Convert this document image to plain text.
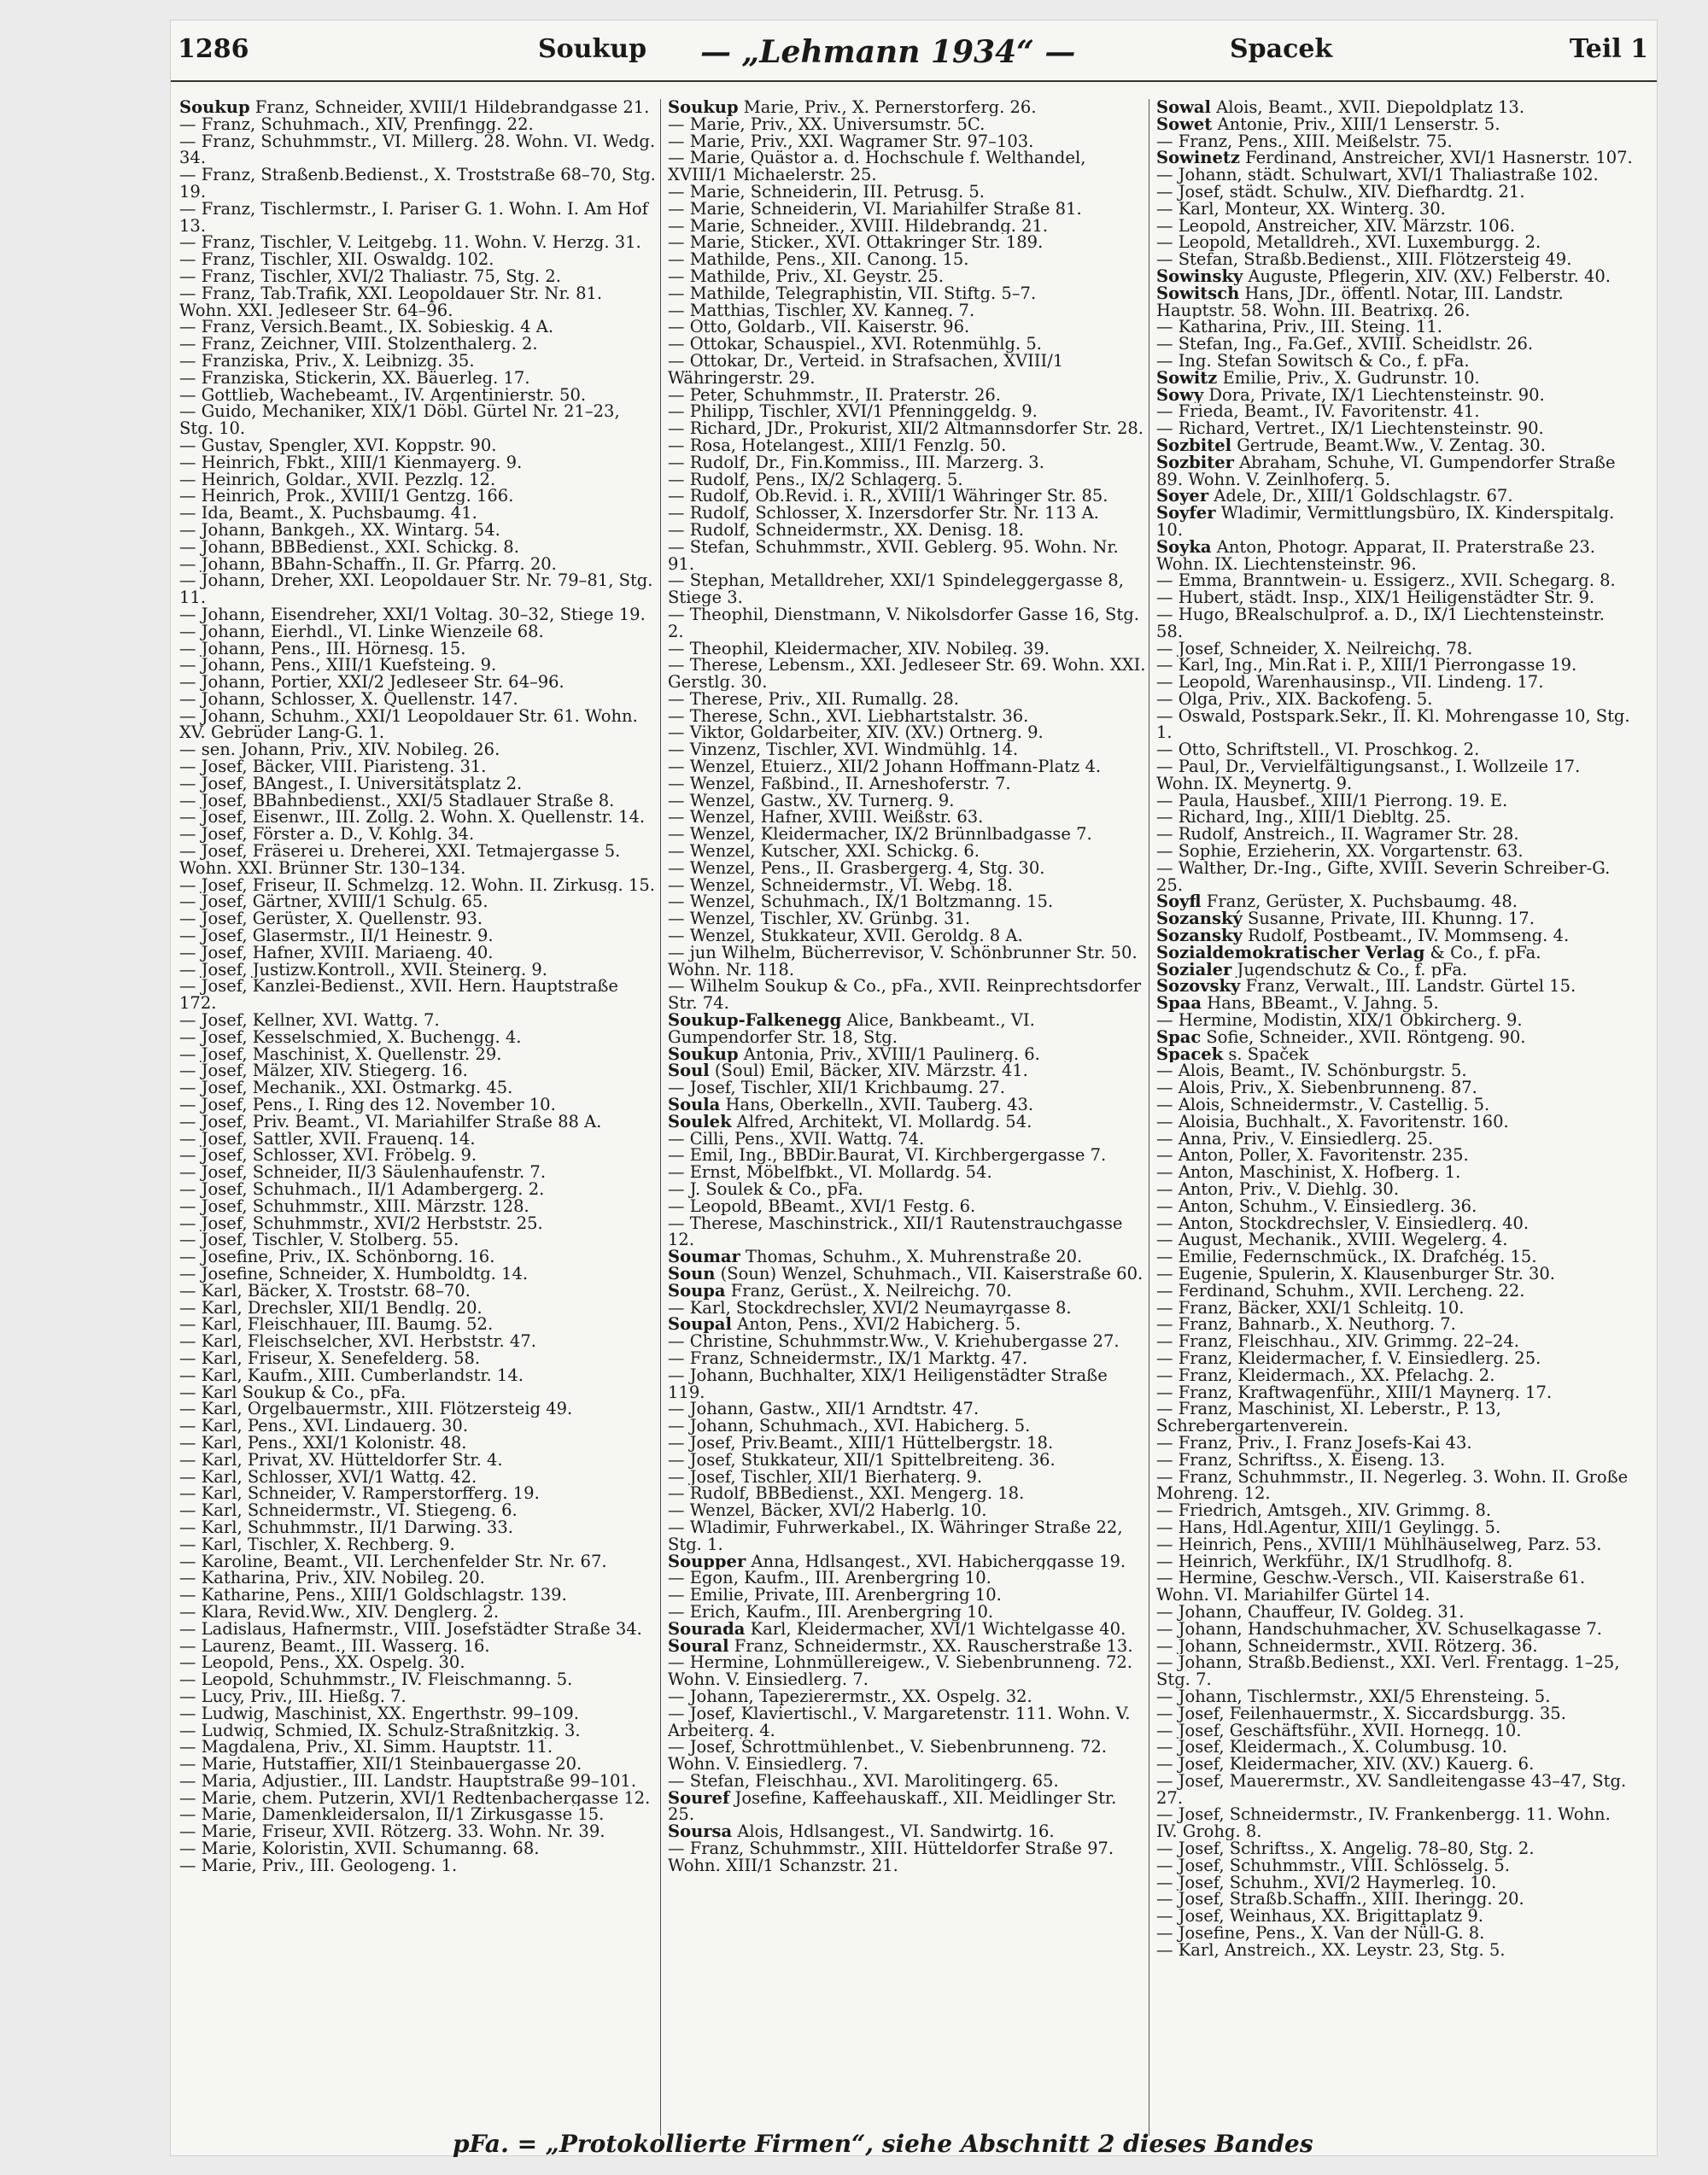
1286	Soukup — „Lehmann 1934“ —	Spacek	Teil 1
Soukup Franz, Schneider, XVIII/1 Hildebrandgasse 21.
— Franz, Schuhmach., XIV, Prenfingg. 22.
— Franz, Schuhmmstr., VI. Millerg. 28. Wohn. VI. Wedg. 34.
— Franz, Straßenb.Bedienst., X. Troststraße 68–70, Stg. 19.
— Franz, Tischlermstr., I. Pariser G. 1. Wohn. I. Am Hof 13.
— Franz, Tischler, V. Leitgebg. 11. Wohn. V. Herzg. 31.
— Franz, Tischler, XII. Oswaldg. 102.
— Franz, Tischler, XVI/2 Thaliastr. 75, Stg. 2.
— Franz, Tab.Trafik, XXI. Leopoldauer Str. Nr. 81. Wohn. XXI. Jedleseer Str. 64–96.
— Franz, Versich.Beamt., IX. Sobieskig. 4 A.
— Franz, Zeichner, VIII. Stolzenthalerg. 2.
— Franziska, Priv., X. Leibnizg. 35.
— Franziska, Stickerin, XX. Bäuerleg. 17.
— Gottlieb, Wachebeamt., IV. Argentinierstr. 50.
— Guido, Mechaniker, XIX/1 Döbl. Gürtel Nr. 21–23, Stg. 10.
— Gustav, Spengler, XVI. Koppstr. 90.
— Heinrich, Fbkt., XIII/1 Kienmayerg. 9.
— Heinrich, Goldar., XVII. Pezzlg. 12.
— Heinrich, Prok., XVIII/1 Gentzg. 166.
— Ida, Beamt., X. Puchsbaumg. 41.
— Johann, Bankgeh., XX. Wintarg. 54.
— Johann, BBBedienst., XXI. Schickg. 8.
— Johann, BBahn-Schaffn., II. Gr. Pfarrg. 20.
— Johann, Dreher, XXI. Leopoldauer Str. Nr. 79–81, Stg. 11.
— Johann, Eisendreher, XXI/1 Voltag. 30–32, Stiege 19.
— Johann, Eierhdl., VI. Linke Wienzeile 68.
— Johann, Pens., III. Hörnesg. 15.
— Johann, Pens., XIII/1 Kuefsteing. 9.
— Johann, Portier, XXI/2 Jedleseer Str. 64–96.
— Johann, Schlosser, X. Quellenstr. 147.
— Johann, Schuhm., XXI/1 Leopoldauer Str. 61. Wohn. XV. Gebrüder Lang-G. 1.
— sen. Johann, Priv., XIV. Nobileg. 26.
— Josef, Bäcker, VIII. Piaristeng. 31.
— Josef, BAngest., I. Universitätsplatz 2.
— Josef, BBahnbedienst., XXI/5 Stadlauer Straße 8.
— Josef, Eisenwr., III. Zollg. 2. Wohn. X. Quellenstr. 14.
— Josef, Förster a. D., V. Kohlg. 34.
— Josef, Fräserei u. Dreherei, XXI. Tetmajergasse 5. Wohn. XXI. Brünner Str. 130–134.
— Josef, Friseur, II. Schmelzg. 12. Wohn. II. Zirkusg. 15.
— Josef, Gärtner, XVIII/1 Schulg. 65.
— Josef, Gerüster, X. Quellenstr. 93.
— Josef, Glasermstr., II/1 Heinestr. 9.
— Josef, Hafner, XVIII. Mariaeng. 40.
— Josef, Justizw.Kontroll., XVII. Steinerg. 9.
— Josef, Kanzlei-Bedienst., XVII. Hern. Hauptstraße 172.
— Josef, Kellner, XVI. Wattg. 7.
— Josef, Kesselschmied, X. Buchengg. 4.
— Josef, Maschinist, X. Quellenstr. 29.
— Josef, Mälzer, XIV. Stiegerg. 16.
— Josef, Mechanik., XXI. Ostmarkg. 45.
— Josef, Pens., I. Ring des 12. November 10.
— Josef, Priv. Beamt., VI. Mariahilfer Straße 88 A.
— Josef, Sattler, XVII. Frauenq. 14.
— Josef, Schlosser, XVI. Fröbelg. 9.
— Josef, Schneider, II/3 Säulenhaufenstr. 7.
— Josef, Schuhmach., II/1 Adambergerg. 2.
— Josef, Schuhmmstr., XIII. Märzstr. 128.
— Josef, Schuhmmstr., XVI/2 Herbststr. 25.
— Josef, Tischler, V. Stolberg. 55.
— Josefine, Priv., IX. Schönborng. 16.
— Josefine, Schneider, X. Humboldtg. 14.
— Karl, Bäcker, X. Troststr. 68–70.
— Karl, Drechsler, XII/1 Bendlg. 20.
— Karl, Fleischhauer, III. Baumg. 52.
— Karl, Fleischselcher, XVI. Herbststr. 47.
— Karl, Friseur, X. Senefelderg. 58.
— Karl, Kaufm., XIII. Cumberlandstr. 14.
— Karl Soukup & Co., pFa.
— Karl, Orgelbauermstr., XIII. Flötzersteig 49.
— Karl, Pens., XVI. Lindauerg. 30.
— Karl, Pens., XXI/1 Kolonistr. 48.
— Karl, Privat, XV. Hütteldorfer Str. 4.
— Karl, Schlosser, XVI/1 Wattg. 42.
— Karl, Schneider, V. Ramperstorfferg. 19.
— Karl, Schneidermstr., VI. Stiegeng. 6.
— Karl, Schuhmmstr., II/1 Darwing. 33.
— Karl, Tischler, X. Rechberg. 9.
— Karoline, Beamt., VII. Lerchenfelder Str. Nr. 67.
— Katharina, Priv., XIV. Nobileg. 20.
— Katharine, Pens., XIII/1 Goldschlagstr. 139.
— Klara, Revid.Ww., XIV. Denglerg. 2.
— Ladislaus, Hafnermstr., VIII. Josefstädter Straße 34.
— Laurenz, Beamt., III. Wasserg. 16.
— Leopold, Pens., XX. Ospelg. 30.
— Leopold, Schuhmmstr., IV. Fleischmanng. 5.
— Lucy, Priv., III. Hießg. 7.
— Ludwig, Maschinist, XX. Engerthstr. 99–109.
— Ludwig, Schmied, IX. Schulz-Straßnitzkig. 3.
— Magdalena, Priv., XI. Simm. Hauptstr. 11.
— Marie, Hutstaffier, XII/1 Steinbauergasse 20.
— Maria, Adjustier., III. Landstr. Hauptstraße 99–101.
— Marie, chem. Putzerin, XVI/1 Redtenbachergasse 12.
— Marie, Damenkleidersalon, II/1 Zirkusgasse 15.
— Marie, Friseur, XVII. Rötzerg. 33. Wohn. Nr. 39.
— Marie, Koloristin, XVII. Schumanng. 68.
— Marie, Priv., III. Geologeng. 1.
Soukup Marie, Priv., X. Pernerstorferg. 26.
— Marie, Priv., XX. Universumstr. 5C.
— Marie, Priv., XXI. Wagramer Str. 97–103.
— Marie, Quästor a. d. Hochschule f. Welthandel, XVIII/1 Michaelerstr. 25.
— Marie, Schneiderin, III. Petrusg. 5.
— Marie, Schneiderin, VI. Mariahilfer Straße 81.
— Marie, Schneider., XVIII. Hildebrandg. 21.
— Marie, Sticker., XVI. Ottakringer Str. 189.
— Mathilde, Pens., XII. Canong. 15.
— Mathilde, Priv., XI. Geystr. 25.
— Mathilde, Telegraphistin, VII. Stiftg. 5–7.
— Matthias, Tischler, XV. Kanneg. 7.
— Otto, Goldarb., VII. Kaiserstr. 96.
— Ottokar, Schauspiel., XVI. Rotenmühlg. 5.
— Ottokar, Dr., Verteid. in Strafsachen, XVIII/1 Währingerstr. 29.
— Peter, Schuhmmstr., II. Praterstr. 26.
— Philipp, Tischler, XVI/1 Pfenninggeldg. 9.
— Richard, JDr., Prokurist, XII/2 Altmannsdorfer Str. 28.
— Rosa, Hotelangest., XIII/1 Fenzlg. 50.
— Rudolf, Dr., Fin.Kommiss., III. Marzerg. 3.
— Rudolf, Pens., IX/2 Schlagerg. 5.
— Rudolf, Ob.Revid. i. R., XVIII/1 Währinger Str. 85.
— Rudolf, Schlosser, X. Inzersdorfer Str. Nr. 113 A.
— Rudolf, Schneidermstr., XX. Denisg. 18.
— Stefan, Schuhmmstr., XVII. Geblerg. 95. Wohn. Nr. 91.
— Stephan, Metalldreher, XXI/1 Spindeleggergasse 8, Stiege 3.
— Theophil, Dienstmann, V. Nikolsdorfer Gasse 16, Stg. 2.
— Theophil, Kleidermacher, XIV. Nobileg. 39.
— Therese, Lebensm., XXI. Jedleseer Str. 69. Wohn. XXI. Gerstlg. 30.
— Therese, Priv., XII. Rumallg. 28.
— Therese, Schn., XVI. Liebhartstalstr. 36.
— Viktor, Goldarbeiter, XIV. (XV.) Ortnerg. 9.
— Vinzenz, Tischler, XVI. Windmühlg. 14.
— Wenzel, Etuierz., XII/2 Johann Hoffmann-Platz 4.
— Wenzel, Faßbind., II. Arneshoferstr. 7.
— Wenzel, Gastw., XV. Turnerg. 9.
— Wenzel, Hafner, XVIII. Weißstr. 63.
— Wenzel, Kleidermacher, IX/2 Brünnlbadgasse 7.
— Wenzel, Kutscher, XXI. Schickg. 6.
— Wenzel, Pens., II. Grasbergerg. 4, Stg. 30.
— Wenzel, Schneidermstr., VI. Webg. 18.
— Wenzel, Schuhmach., IX/1 Boltzmanng. 15.
— Wenzel, Tischler, XV. Grünbg. 31.
— Wenzel, Stukkateur, XVII. Geroldg. 8 A.
— jun Wilhelm, Bücherrevisor, V. Schönbrunner Str. 50. Wohn. Nr. 118.
— Wilhelm Soukup & Co., pFa., XVII. Reinprechtsdorfer Str. 74.
Soukup-Falkenegg Alice, Bankbeamt., VI. Gumpendorfer Str. 18, Stg.
Soukup Antonia, Priv., XVIII/1 Paulinerg. 6.
Soul (Soul) Emil, Bäcker, XIV. Märzstr. 41.
— Josef, Tischler, XII/1 Krichbaumg. 27.
Soula Hans, Oberkelln., XVII. Tauberg. 43.
Soulek Alfred, Architekt, VI. Mollardg. 54.
— Cilli, Pens., XVII. Wattg. 74.
— Emil, Ing., BBDir.Baurat, VI. Kirchbergergasse 7.
— Ernst, Möbelfbkt., VI. Mollardg. 54.
— J. Soulek & Co., pFa.
— Leopold, BBeamt., XVI/1 Festg. 6.
— Therese, Maschinstrick., XII/1 Rautenstrauchgasse 12.
Soumar Thomas, Schuhm., X. Muhrenstraße 20.
Soun (Soun) Wenzel, Schuhmach., VII. Kaiserstraße 60.
Soupa Franz, Gerüst., X. Neilreichg. 70.
— Karl, Stockdrechsler, XVI/2 Neumayrgasse 8.
Soupal Anton, Pens., XVI/2 Habicherg. 5.
— Christine, Schuhmmstr.Ww., V. Kriehubergasse 27.
— Franz, Schneidermstr., IX/1 Marktg. 47.
— Johann, Buchhalter, XIX/1 Heiligenstädter Straße 119.
— Johann, Gastw., XII/1 Arndtstr. 47.
— Johann, Schuhmach., XVI. Habicherg. 5.
— Josef, Priv.Beamt., XIII/1 Hüttelbergstr. 18.
— Josef, Stukkateur, XII/1 Spittelbreiteng. 36.
— Josef, Tischler, XII/1 Bierhaterg. 9.
— Rudolf, BBBedienst., XXI. Mengerg. 18.
— Wenzel, Bäcker, XVI/2 Haberlg. 10.
— Wladimir, Fuhrwerkabel., IX. Währinger Straße 22, Stg. 1.
Soupper Anna, Hdlsangest., XVI. Habicherggasse 19.
— Egon, Kaufm., III. Arenbergring 10.
— Emilie, Private, III. Arenbergring 10.
— Erich, Kaufm., III. Arenbergring 10.
Sourada Karl, Kleidermacher, XVI/1 Wichtelgasse 40.
Soural Franz, Schneidermstr., XX. Rauscherstraße 13.
— Hermine, Lohnmüllereigew., V. Siebenbrunneng. 72. Wohn. V. Einsiedlerg. 7.
— Johann, Tapezierermstr., XX. Ospelg. 32.
— Josef, Klaviertischl., V. Margaretenstr. 111. Wohn. V. Arbeiterg. 4.
— Josef, Schrottmühlenbet., V. Siebenbrunneng. 72. Wohn. V. Einsiedlerg. 7.
— Stefan, Fleischhau., XVI. Marolitingerg. 65.
Souref Josefine, Kaffeehauskaff., XII. Meidlinger Str. 25.
Soursa Alois, Hdlsangest., VI. Sandwirtg. 16.
— Franz, Schuhmmstr., XIII. Hütteldorfer Straße 97. Wohn. XIII/1 Schanzstr. 21.
Sowal Alois, Beamt., XVII. Diepoldplatz 13.
Sowet Antonie, Priv., XIII/1 Lenserstr. 5.
— Franz, Pens., XIII. Meißelstr. 75.
Sowinetz Ferdinand, Anstreicher, XVI/1 Hasnerstr. 107.
— Johann, städt. Schulwart, XVI/1 Thaliastraße 102.
— Josef, städt. Schulw., XIV. Diefhardtg. 21.
— Karl, Monteur, XX. Winterg. 30.
— Leopold, Anstreicher, XIV. Märzstr. 106.
— Leopold, Metalldreh., XVI. Luxemburgg. 2.
— Stefan, Straßb.Bedienst., XIII. Flötzersteig 49.
Sowinsky Auguste, Pflegerin, XIV. (XV.) Felberstr. 40.
Sowitsch Hans, JDr., öffentl. Notar, III. Landstr. Hauptstr. 58. Wohn. III. Beatrixg. 26.
— Katharina, Priv., III. Steing. 11.
— Stefan, Ing., Fa.Gef., XVIII. Scheidlstr. 26.
— Ing. Stefan Sowitsch & Co., f. pFa.
Sowitz Emilie, Priv., X. Gudrunstr. 10.
Sowy Dora, Private, IX/1 Liechtensteinstr. 90.
— Frieda, Beamt., IV. Favoritenstr. 41.
— Richard, Vertret., IX/1 Liechtensteinstr. 90.
Sozbitel Gertrude, Beamt.Ww., V. Zentag. 30.
Sozbiter Abraham, Schuhe, VI. Gumpendorfer Straße 89. Wohn. V. Zeinlhoferg. 5.
Soyer Adele, Dr., XIII/1 Goldschlagstr. 67.
Soyfer Wladimir, Vermittlungsbüro, IX. Kinderspitalg. 10.
Soyka Anton, Photogr. Apparat, II. Praterstraße 23. Wohn. IX. Liechtensteinstr. 96.
— Emma, Branntwein- u. Essigerz., XVII. Schegarg. 8.
— Hubert, städt. Insp., XIX/1 Heiligenstädter Str. 9.
— Hugo, BRealschulprof. a. D., IX/1 Liechtensteinstr. 58.
— Josef, Schneider, X. Neilreichg. 78.
— Karl, Ing., Min.Rat i. P., XIII/1 Pierrongasse 19.
— Leopold, Warenhausinsp., VII. Lindeng. 17.
— Olga, Priv., XIX. Backofeng. 5.
— Oswald, Postspark.Sekr., II. Kl. Mohrengasse 10, Stg. 1.
— Otto, Schriftstell., VI. Proschkog. 2.
— Paul, Dr., Vervielfältigungsanst., I. Wollzeile 17. Wohn. IX. Meynertg. 9.
— Paula, Hausbef., XIII/1 Pierrong. 19. E.
— Richard, Ing., XIII/1 Diebltg. 25.
— Rudolf, Anstreich., II. Wagramer Str. 28.
— Sophie, Erzieherin, XX. Vorgartenstr. 63.
— Walther, Dr.-Ing., Gifte, XVIII. Severin Schreiber-G. 25.
Soyfl Franz, Gerüster, X. Puchsbaumg. 48.
Sozanský Susanne, Private, III. Khunng. 17.
Sozansky Rudolf, Postbeamt., IV. Mommseng. 4.
Sozialdemokratischer Verlag & Co., f. pFa.
Sozialer Jugendschutz & Co., f. pFa.
Sozovsky Franz, Verwalt., III. Landstr. Gürtel 15.
Spaa Hans, BBeamt., V. Jahng. 5.
— Hermine, Modistin, XIX/1 Obkircherg. 9.
Spac Sofie, Schneider., XVII. Röntgeng. 90.
Spacek s. Spaček
— Alois, Beamt., IV. Schönburgstr. 5.
— Alois, Priv., X. Siebenbrunneng. 87.
— Alois, Schneidermstr., V. Castellig. 5.
— Aloisia, Buchhalt., X. Favoritenstr. 160.
— Anna, Priv., V. Einsiedlerg. 25.
— Anton, Poller, X. Favoritenstr. 235.
— Anton, Maschinist, X. Hofberg. 1.
— Anton, Priv., V. Diehlg. 30.
— Anton, Schuhm., V. Einsiedlerg. 36.
— Anton, Stockdrechsler, V. Einsiedlerg. 40.
— August, Mechanik., XVIII. Wegelerg. 4.
— Emilie, Federnschmück., IX. Drafchég. 15.
— Eugenie, Spulerin, X. Klausenburger Str. 30.
— Ferdinand, Schuhm., XVII. Lercheng. 22.
— Franz, Bäcker, XXI/1 Schleitg. 10.
— Franz, Bahnarb., X. Neuthorg. 7.
— Franz, Fleischhau., XIV. Grimmg. 22–24.
— Franz, Kleidermacher, f. V. Einsiedlerg. 25.
— Franz, Kleidermach., XX. Pfelachg. 2.
— Franz, Kraftwagenführ., XIII/1 Maynerg. 17.
— Franz, Maschinist, XI. Leberstr., P. 13, Schrebergartenverein.
— Franz, Priv., I. Franz Josefs-Kai 43.
— Franz, Schriftss., X. Eiseng. 13.
— Franz, Schuhmmstr., II. Negerleg. 3. Wohn. II. Große Mohreng. 12.
— Friedrich, Amtsgeh., XIV. Grimmg. 8.
— Hans, Hdl.Agentur, XIII/1 Geylingg. 5.
— Heinrich, Pens., XVIII/1 Mühlhäuselweg, Parz. 53.
— Heinrich, Werkführ., IX/1 Strudlhofg. 8.
— Hermine, Geschw.-Versch., VII. Kaiserstraße 61. Wohn. VI. Mariahilfer Gürtel 14.
— Johann, Chauffeur, IV. Goldeg. 31.
— Johann, Handschuhmacher, XV. Schuselkagasse 7.
— Johann, Schneidermstr., XVII. Rötzerg. 36.
— Johann, Straßb.Bedienst., XXI. Verl. Frentagg. 1–25, Stg. 7.
— Johann, Tischlermstr., XXI/5 Ehrensteing. 5.
— Josef, Feilenhauermstr., X. Siccardsburgg. 35.
— Josef, Geschäftsführ., XVII. Hornegg. 10.
— Josef, Kleidermach., X. Columbusg. 10.
— Josef, Kleidermacher, XIV. (XV.) Kauerg. 6.
— Josef, Mauerermstr., XV. Sandleitengasse 43–47, Stg. 27.
— Josef, Schneidermstr., IV. Frankenbergg. 11. Wohn. IV. Grohg. 8.
— Josef, Schriftss., X. Angelig. 78–80, Stg. 2.
— Josef, Schuhmmstr., VIII. Schlösselg. 5.
— Josef, Schuhm., XVI/2 Haymerleg. 10.
— Josef, Straßb.Schaffn., XIII. Iheringg. 20.
— Josef, Weinhaus, XX. Brigittaplatz 9.
— Josefine, Pens., X. Van der Nüll-G. 8.
— Karl, Anstreich., XX. Leystr. 23, Stg. 5.
pFa. = „Protokollierte Firmen“, siehe Abschnitt 2 dieses Bandes
